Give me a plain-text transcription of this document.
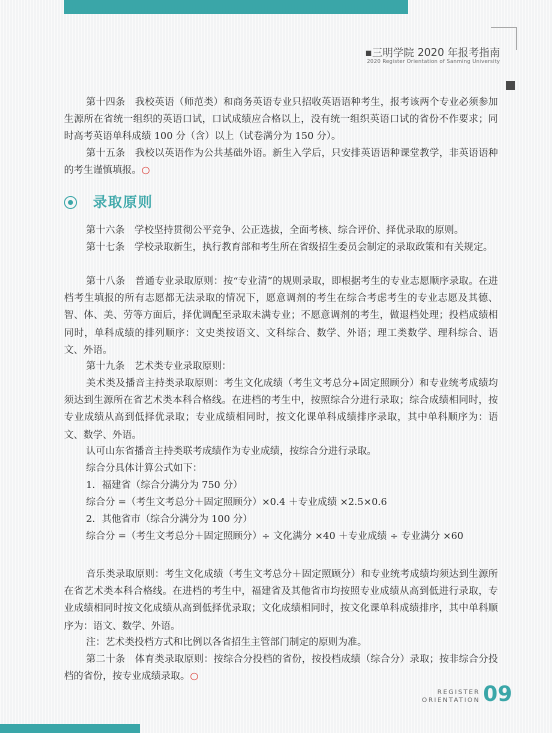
▪三明学院 2020 年报考指南
2020 Register Orientation of Sanming University

第十四条　我校英语（师范类）和商务英语专业只招收英语语种考生，报考该两个专业必须参加生源所在省统一组织的英语口试，口试成绩应合格以上，没有统一组织英语口试的省份不作要求；同时高考英语单科成绩 100 分（含）以上（试卷满分为 150 分）。

第十五条　我校以英语作为公共基础外语。新生入学后，只安排英语语种课堂教学，非英语语种的考生谨慎填报。○

录取原则

第十六条　学校坚持贯彻公平竞争、公正选拔，全面考核、综合评价、择优录取的原则。

第十七条　学校录取新生，执行教育部和考生所在省级招生委员会制定的录取政策和有关规定。

第十八条　普通专业录取原则：按“专业清”的规则录取，即根据考生的专业志愿顺序录取。在进档考生填报的所有志愿都无法录取的情况下，愿意调剂的考生在综合考虑考生的专业志愿及其德、智、体、美、劳等方面后，择优调配至录取未满专业；不愿意调剂的考生，做退档处理；投档成绩相同时，单科成绩的排列顺序：文史类按语文、文科综合、数学、外语；理工类数学、理科综合、语文、外语。

第十九条　艺术类专业录取原则：

美术类及播音主持类录取原则：考生文化成绩（考生文考总分+固定照顾分）和专业统考成绩均须达到生源所在省艺术类本科合格线。在进档的考生中，按照综合分进行录取；综合成绩相同时，按专业成绩从高到低择优录取；专业成绩相同时，按文化课单科成绩排序录取，其中单科顺序为：语文、数学、外语。

认可山东省播音主持类联考成绩作为专业成绩，按综合分进行录取。

综合分具体计算公式如下：

1．福建省（综合分满分为 750 分）

综合分 =（考生文考总分＋固定照顾分）×0.4 ＋专业成绩 ×2.5×0.6

2．其他省市（综合分满分为 100 分）

综合分 =（考生文考总分＋固定照顾分）÷ 文化满分 ×40 ＋专业成绩 ÷ 专业满分 ×60

音乐类录取原则：考生文化成绩（考生文考总分＋固定照顾分）和专业统考成绩均须达到生源所在省艺术类本科合格线。在进档的考生中，福建省及其他省市均按照专业成绩从高到低进行录取，专业成绩相同时按文化成绩从高到低择优录取；文化成绩相同时，按文化课单科成绩排序，其中单科顺序为：语文、数学、外语。

注：艺术类投档方式和比例以各省招生主管部门制定的原则为准。

第二十条　体育类录取原则：按综合分投档的省份，按投档成绩（综合分）录取；按非综合分投档的省份，按专业成绩录取。○

REGISTER
ORIENTATION 09
